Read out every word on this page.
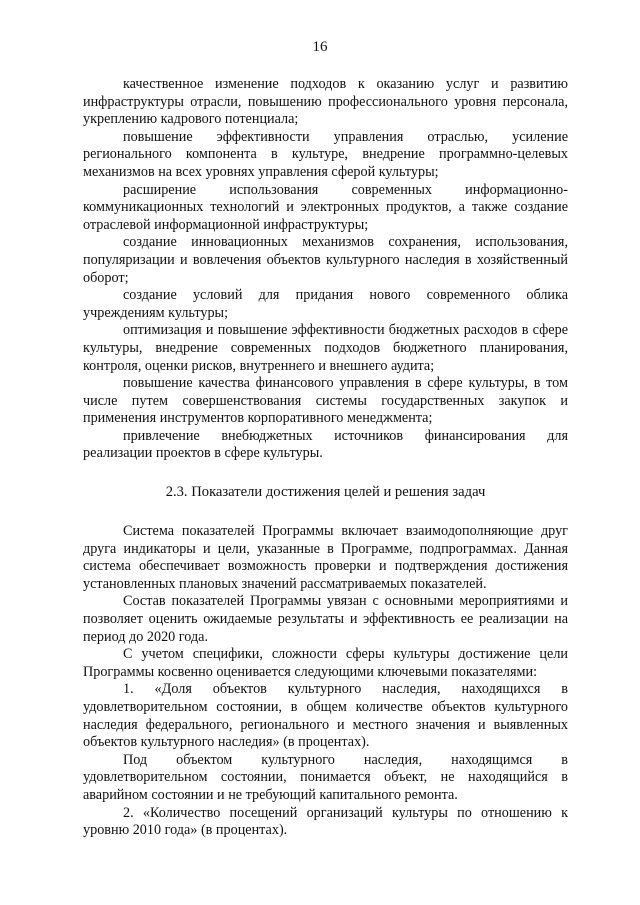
16

качественное изменение подходов к оказанию услуг и развитию инфраструктуры отрасли, повышению профессионального уровня персонала, укреплению кадрового потенциала;

повышение эффективности управления отраслью, усиление регионального компонента в культуре, внедрение программно-целевых механизмов на всех уровнях управления сферой культуры;

расширение использования современных информационно-коммуникационных технологий и электронных продуктов, а также создание отраслевой информационной инфраструктуры;

создание инновационных механизмов сохранения, использования, популяризации и вовлечения объектов культурного наследия в хозяйственный оборот;

создание условий для придания нового современного облика учреждениям культуры;

оптимизация и повышение эффективности бюджетных расходов в сфере культуры, внедрение современных подходов бюджетного планирования, контроля, оценки рисков, внутреннего и внешнего аудита;

повышение качества финансового управления в сфере культуры, в том числе путем совершенствования системы государственных закупок и применения инструментов корпоративного менеджмента;

привлечение внебюджетных источников финансирования для реализации проектов в сфере культуры.

2.3. Показатели достижения целей и решения задач

Система показателей Программы включает взаимодополняющие друг друга индикаторы и цели, указанные в Программе, подпрограммах. Данная система обеспечивает возможность проверки и подтверждения достижения установленных плановых значений рассматриваемых показателей.

Состав показателей Программы увязан с основными мероприятиями и позволяет оценить ожидаемые результаты и эффективность ее реализации на период до 2020 года.

С учетом специфики, сложности сферы культуры достижение цели Программы косвенно оценивается следующими ключевыми показателями:

1. «Доля объектов культурного наследия, находящихся в удовлетворительном состоянии, в общем количестве объектов культурного наследия федерального, регионального и местного значения и выявленных объектов культурного наследия» (в процентах).

Под объектом культурного наследия, находящимся в удовлетворительном состоянии, понимается объект, не находящийся в аварийном состоянии и не требующий капитального ремонта.

2. «Количество посещений организаций культуры по отношению к уровню 2010 года» (в процентах).
